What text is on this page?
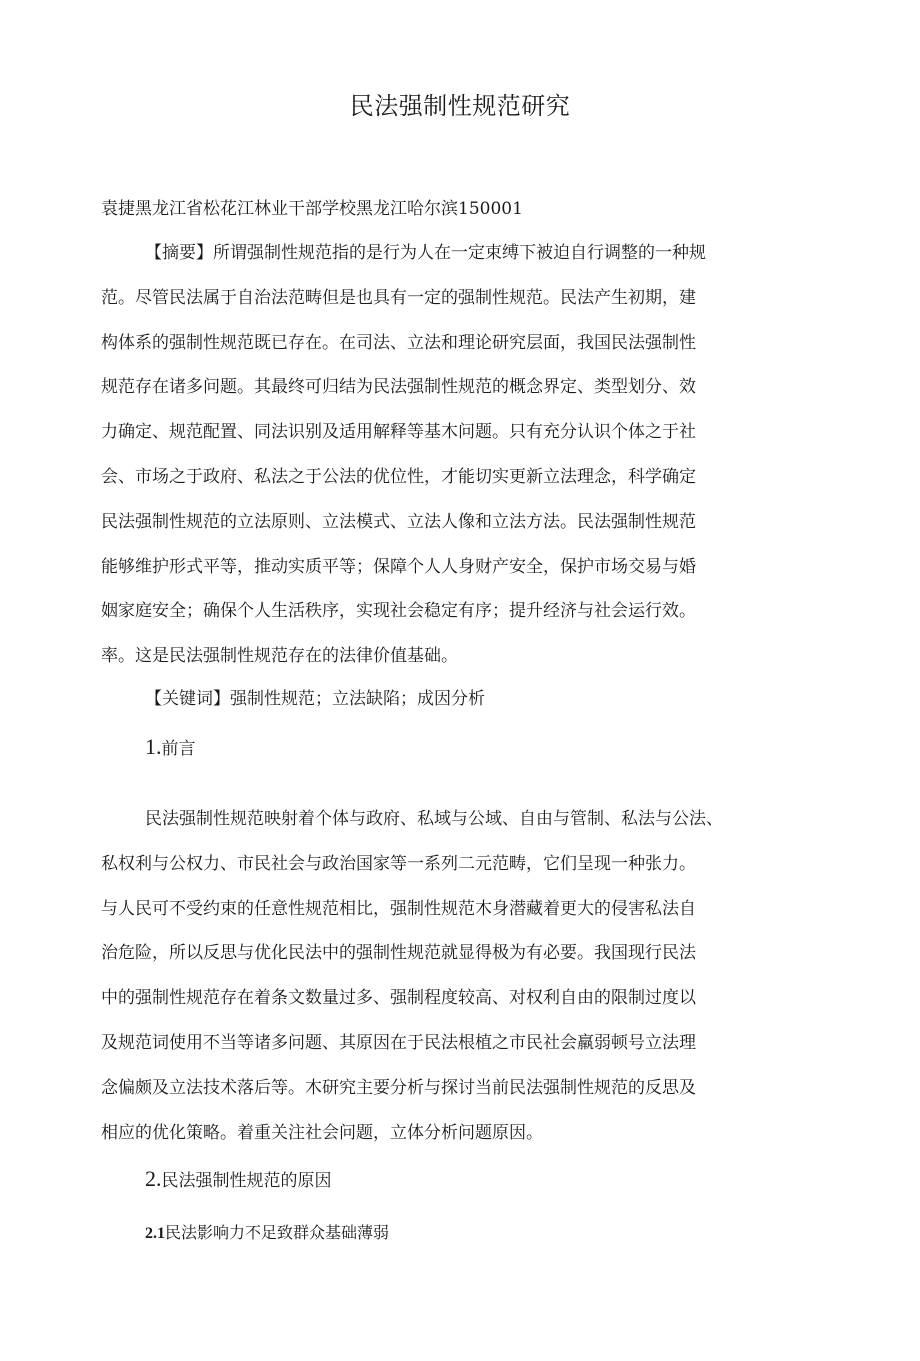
民法强制性规范研究
袁捷黑龙江省松花江林业干部学校黑龙江哈尔滨150001
【摘要】所谓强制性规范指的是行为人在一定束缚下被迫自行调整的一种规
范。尽管民法属于自治法范畴但是也具有一定的强制性规范。民法产生初期，建
构体系的强制性规范既已存在。在司法、立法和理论研究层面，我国民法强制性
规范存在诸多问题。其最终可归结为民法强制性规范的概念界定、类型划分、效
力确定、规范配置、同法识别及适用解释等基木问题。只有充分认识个体之于社
会、市场之于政府、私法之于公法的优位性，才能切实更新立法理念，科学确定
民法强制性规范的立法原则、立法模式、立法人像和立法方法。民法强制性规范
能够维护形式平等，推动实质平等；保障个人人身财产安全，保护市场交易与婚
姻家庭安全；确保个人生活秩序，实现社会稳定有序；提升经济与社会运行效。
率。这是民法强制性规范存在的法律价值基础。
【关键词】强制性规范；立法缺陷；成因分析
1.前言
民法强制性规范映射着个体与政府、私域与公域、自由与管制、私法与公法、
私权利与公权力、市民社会与政治国家等一系列二元范畴，它们呈现一种张力。
与人民可不受约束的任意性规范相比，强制性规范木身潜藏着更大的侵害私法自
治危险，所以反思与优化民法中的强制性规范就显得极为有必要。我国现行民法
中的强制性规范存在着条文数量过多、强制程度较高、对权利自由的限制过度以
及规范词使用不当等诸多问题、其原因在于民法根植之市民社会羸弱顿号立法理
念偏颇及立法技术落后等。木研究主要分析与探讨当前民法强制性规范的反思及
相应的优化策略。着重关注社会问题，立体分析问题原因。
2.民法强制性规范的原因
2.1民法影响力不足致群众基础薄弱
